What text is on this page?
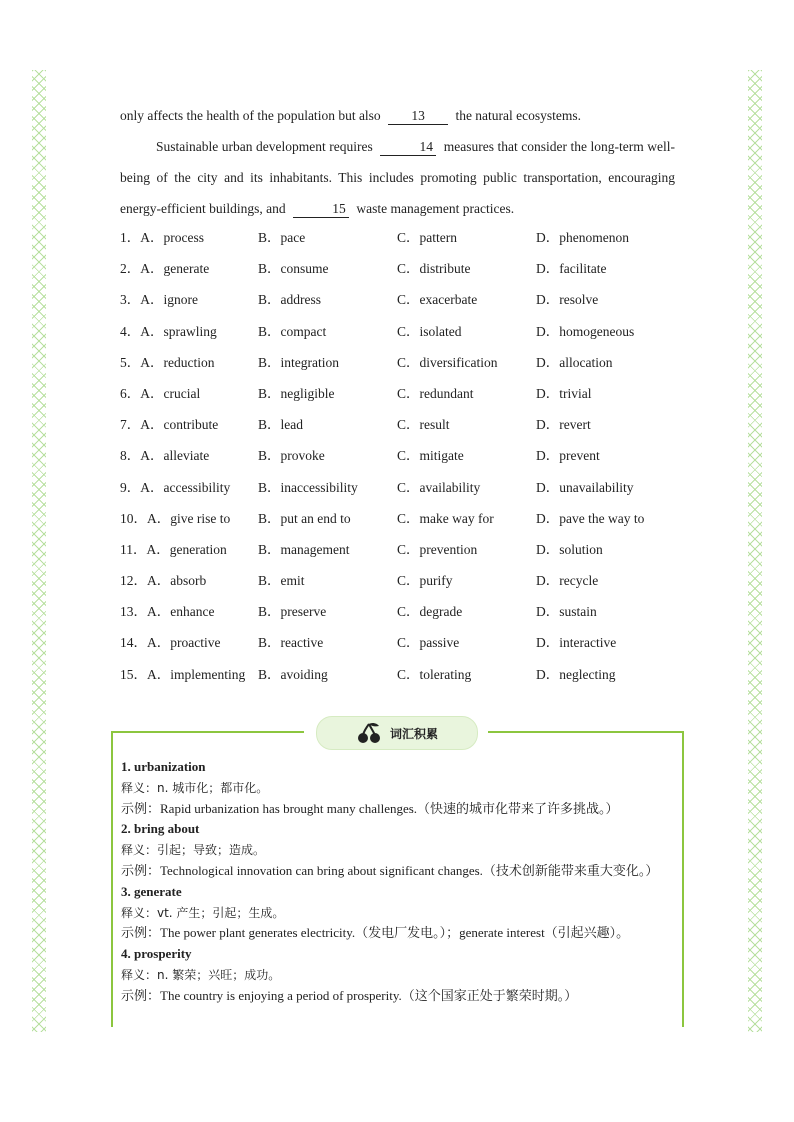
only affects the health of the population but also 13 the natural ecosystems.

Sustainable urban development requires	14 measures that consider the long-term well-being of the city and its inhabitants. This includes promoting public transportation, encouraging energy-efficient buildings, and	15 waste management practices.

1．A．process	B．pace	C．pattern	D．phenomenon
2．A．generate	B．consume	C．distribute	D．facilitate
3．A．ignore	B．address	C．exacerbate	D．resolve
4．A．sprawling	B．compact	C．isolated	D．homogeneous
5．A．reduction	B．integration	C．diversification	D．allocation
6．A．crucial	B．negligible	C．redundant	D．trivial
7．A．contribute	B．lead	C．result	D．revert
8．A．alleviate	B．provoke	C．mitigate	D．prevent
9．A．accessibility	B．inaccessibility	C．availability	D．unavailability
10．A．give rise to	B．put an end to	C．make way for	D．pave the way to
11．A．generation	B．management	C．prevention	D．solution
12．A．absorb	B．emit	C．purify	D．recycle
13．A．enhance	B．preserve	C．degrade	D．sustain
14．A．proactive	B．reactive	C．passive	D．interactive
15．A．implementing B．avoiding	C．tolerating	D．neglecting
词汇积累
1. urbanization
释义：n. 城市化；都市化。
示例：Rapid urbanization has brought many challenges.（快速的城市化带来了许多挑战。）
2. bring about
释义：引起；导致；造成。
示例：Technological innovation can bring about significant changes.（技术创新能带来重大变化。）
3. generate
释义：vt. 产生；引起；生成。
示例：The power plant generates electricity.（发电厂发电。）；generate interest（引起兴趣）。
4. prosperity
释义：n. 繁荣；兴旺；成功。
示例：The country is enjoying a period of prosperity.（这个国家正处于繁荣时期。）
